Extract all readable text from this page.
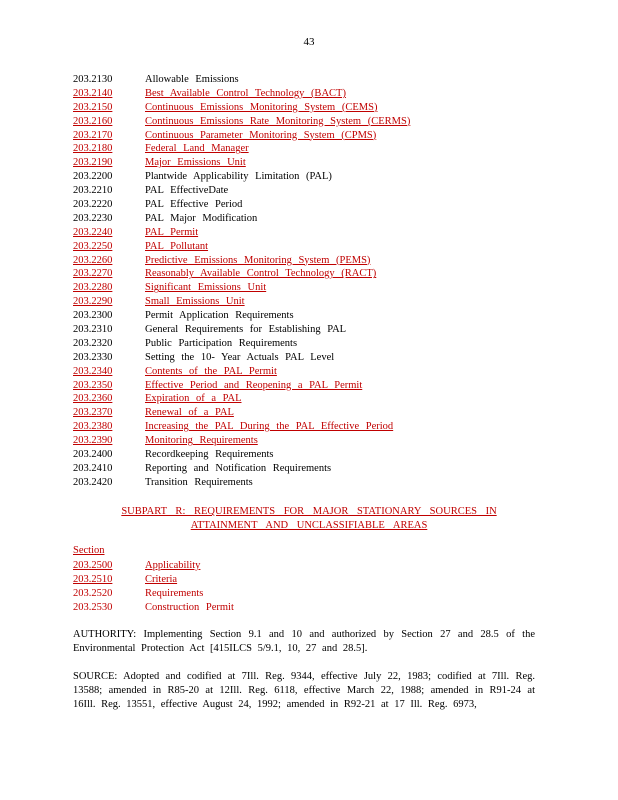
43
203.2130	Allowable Emissions
203.2140	Best Available Control Technology (BACT)
203.2150	Continuous Emissions Monitoring System (CEMS)
203.2160	Continuous Emissions Rate Monitoring System (CERMS)
203.2170	Continuous Parameter Monitoring System (CPMS)
203.2180	Federal Land Manager
203.2190	Major Emissions Unit
203.2200	Plantwide Applicability Limitation (PAL)
203.2210	PAL EffectiveDate
203.2220	PAL Effective Period
203.2230	PAL Major Modification
203.2240	PAL Permit
203.2250	PAL Pollutant
203.2260	Predictive Emissions Monitoring System (PEMS)
203.2270	Reasonably Available Control Technology (RACT)
203.2280	Significant Emissions Unit
203.2290	Small Emissions Unit
203.2300	Permit Application Requirements
203.2310	General Requirements for Establishing PAL
203.2320	Public Participation Requirements
203.2330	Setting the 10- Year Actuals PAL Level
203.2340	Contents of the PAL Permit
203.2350	Effective Period and Reopening a PAL Permit
203.2360	Expiration of a PAL
203.2370	Renewal of a PAL
203.2380	Increasing the PAL During the PAL Effective Period
203.2390	Monitoring Requirements
203.2400	Recordkeeping Requirements
203.2410	Reporting and Notification Requirements
203.2420	Transition Requirements
SUBPART R: REQUIREMENTS FOR MAJOR STATIONARY SOURCES IN
ATTAINMENT AND UNCLASSIFIABLE AREAS
Section
203.2500	Applicability
203.2510	Criteria
203.2520	Requirements
203.2530	Construction Permit
AUTHORITY: Implementing Section 9.1 and 10 and authorized by Section 27 and 28.5 of the Environmental Protection Act [415ILCS 5/9.1, 10, 27 and 28.5].
SOURCE: Adopted and codified at 7Ill. Reg. 9344, effective July 22, 1983; codified at 7Ill. Reg. 13588; amended in R85-20 at 12Ill. Reg. 6118, effective March 22, 1988; amended in R91-24 at 16Ill. Reg. 13551, effective August 24, 1992; amended in R92-21 at 17 Ill. Reg. 6973,
